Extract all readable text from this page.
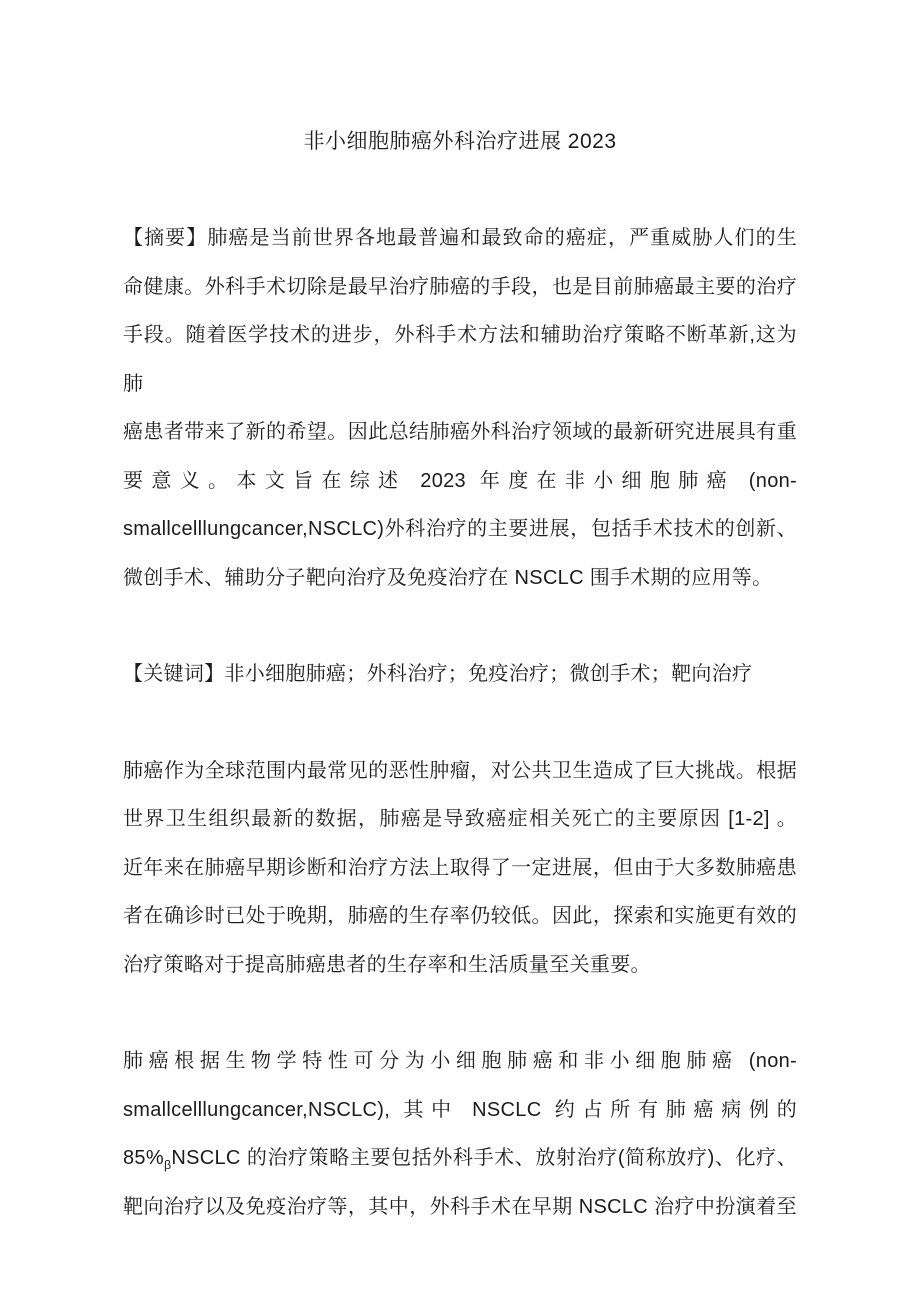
非小细胞肺癌外科治疗进展 2023
【摘要】肺癌是当前世界各地最普遍和最致命的癌症，严重威胁人们的生
命健康。外科手术切除是最早治疗肺癌的手段，也是目前肺癌最主要的治疗
手段。随着医学技术的进步，外科手术方法和辅助治疗策略不断革新,这为肺
癌患者带来了新的希望。因此总结肺癌外科治疗领域的最新研究进展具有重
要意义。本文旨在综述 2023 年度在非小细胞肺癌 (non-
smallcelllungcancer,NSCLC)外科治疗的主要进展，包括手术技术的创新、
微创手术、辅助分子靶向治疗及免疫治疗在 NSCLC 围手术期的应用等。
【关键词】非小细胞肺癌；外科治疗；免疫治疗；微创手术；靶向治疗
肺癌作为全球范围内最常见的恶性肿瘤，对公共卫生造成了巨大挑战。根据
世界卫生组织最新的数据，肺癌是导致癌症相关死亡的主要原因 [1-2] 。
近年来在肺癌早期诊断和治疗方法上取得了一定进展，但由于大多数肺癌患
者在确诊时已处于晚期，肺癌的生存率仍较低。因此，探索和实施更有效的
治疗策略对于提高肺癌患者的生存率和生活质量至关重要。
肺癌根据生物学特性可分为小细胞肺癌和非小细胞肺癌 (non-
smallcelllungcancer,NSCLC), 其中 NSCLC 约占所有肺癌病例的
$85\%_\beta NSCLC$ 的治疗策略主要包括外科手术、放射治疗(简称放疗)、化疗、
靶向治疗以及免疫治疗等，其中，外科手术在早期 NSCLC 治疗中扮演着至
